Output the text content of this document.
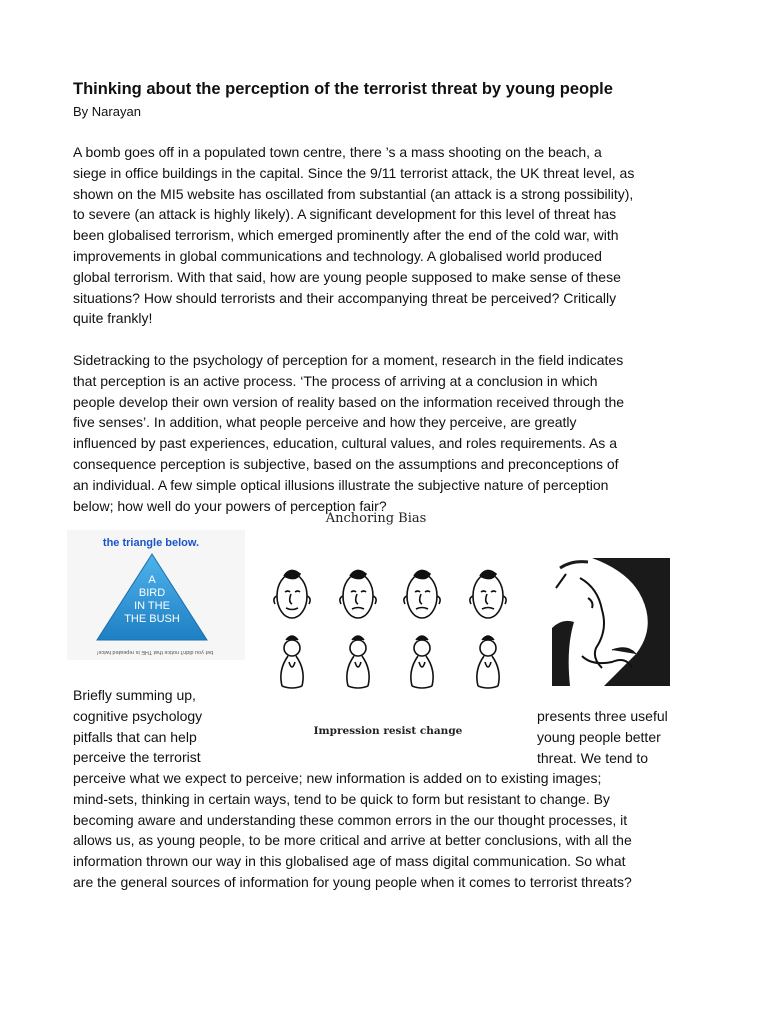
Thinking about the perception of the terrorist threat by young people
By Narayan
A bomb goes off in a populated town centre, there ’s a mass shooting on the beach, a
siege in office buildings in the capital. Since the 9/11 terrorist attack, the UK threat level, as
shown on the MI5 website has oscillated from substantial (an attack is a strong possibility),
to severe (an attack is highly likely). A significant development for this level of threat has
been globalised terrorism, which emerged prominently after the end of the cold war, with
improvements in global communications and technology. A globalised world produced
global terrorism. With that said, how are young people supposed to make sense of these
situations? How should terrorists and their accompanying threat be perceived? Critically
quite frankly!
Sidetracking to the psychology of perception for a moment, research in the field indicates
that perception is an active process. ‘The process of arriving at a conclusion in which
people develop their own version of reality based on the information received through the
five senses’. In addition, what people perceive and how they perceive, are greatly
influenced by past experiences, education, cultural values, and roles requirements. As a
consequence perception is subjective, based on the assumptions and preconceptions of
an individual. A few simple optical illusions illustrate the subjective nature of perception
below; how well do your powers of perception fair?
the triangle below.
A
BIRD
IN THE
THE BUSH
bet you didn't notice that THE is repeated twice!
Anchoring Bias
Impression resist change
Briefly summing up,
cognitive psychology
pitfalls that can help
perceive the terrorist
presents three useful
young people better
threat. We tend to
perceive what we expect to perceive; new information is added on to existing images;
mind-sets, thinking in certain ways, tend to be quick to form but resistant to change. By
becoming aware and understanding these common errors in the our thought processes, it
allows us, as young people, to be more critical and arrive at better conclusions, with all the
information thrown our way in this globalised age of mass digital communication. So what
are the general sources of information for young people when it comes to terrorist threats?
